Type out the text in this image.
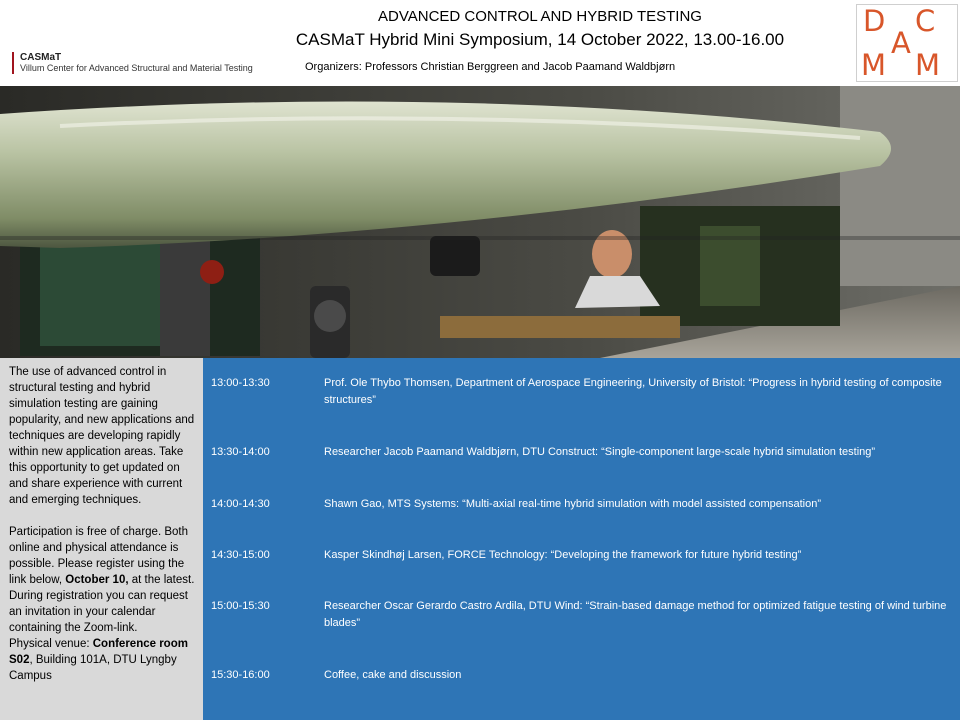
CASMaT
Villum Center for Advanced Structural and Material Testing
ADVANCED CONTROL AND HYBRID TESTING
CASMaT Hybrid Mini Symposium, 14 October 2022, 13.00-16.00
Organizers: Professors Christian Berggreen and Jacob Paamand Waldbjørn
D C
A
M M

The use of advanced control in structural testing and hybrid simulation testing are gaining popularity, and new applications and techniques are developing rapidly within new application areas. Take this opportunity to get updated on and share experience with current and emerging techniques.

Participation is free of charge. Both online and physical attendance is possible. Please register using the link below, October 10, at the latest. During registration you can request an invitation in your calendar containing the Zoom-link.
Physical venue: Conference room S02, Building 101A, DTU Lyngby Campus

13:00-13:30	Prof. Ole Thybo Thomsen, Department of Aerospace Engineering, University of Bristol: “Progress in hybrid testing of composite structures”
13:30-14:00	Researcher Jacob Paamand Waldbjørn, DTU Construct: “Single-component large-scale hybrid simulation testing”
14:00-14:30	Shawn Gao, MTS Systems: “Multi-axial real-time hybrid simulation with model assisted compensation”
14:30-15:00	Kasper Skindhøj Larsen, FORCE Technology: “Developing the framework for future hybrid testing”
15:00-15:30	Researcher Oscar Gerardo Castro Ardila, DTU Wind: “Strain-based damage method for optimized fatigue testing of wind turbine blades”
15:30-16:00	Coffee, cake and discussion
